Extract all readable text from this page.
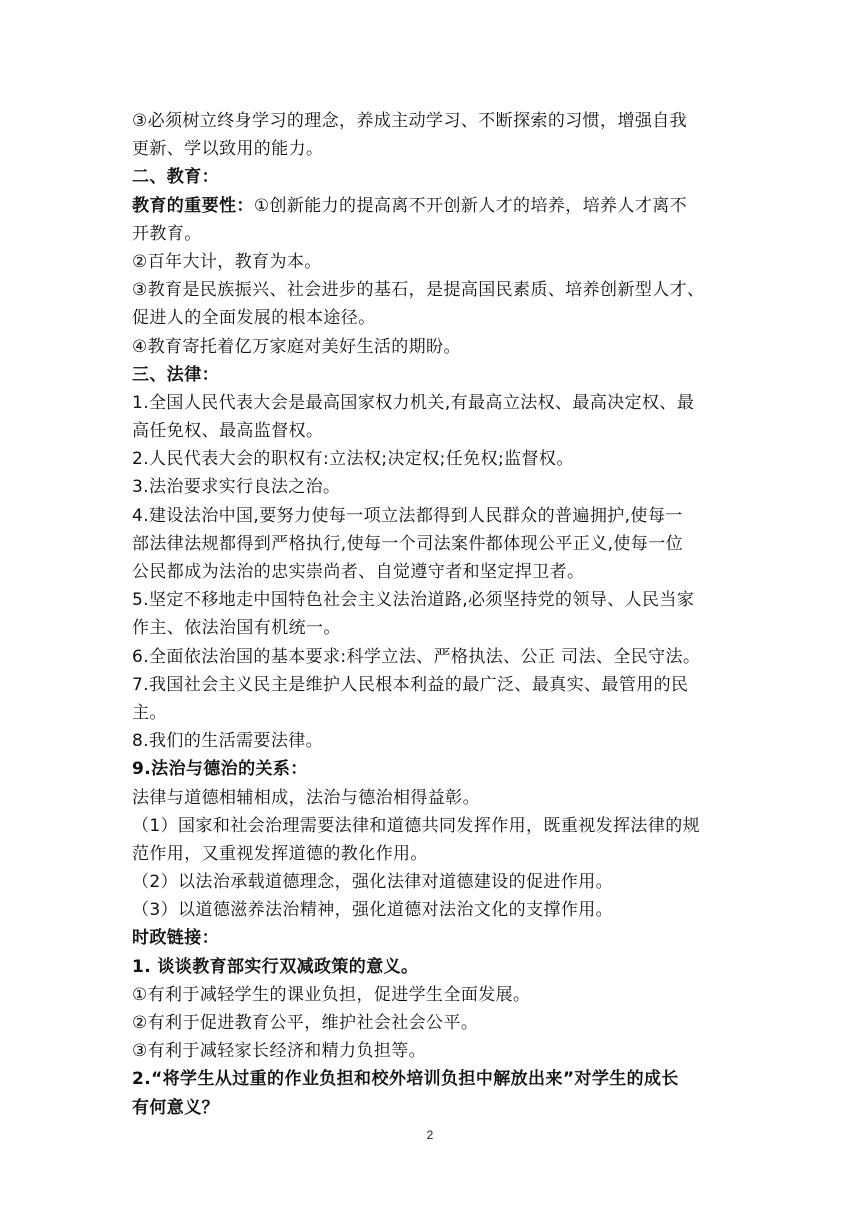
③必须树立终身学习的理念，养成主动学习、不断探索的习惯，增强自我
更新、学以致用的能力。
二、教育：
教育的重要性：①创新能力的提高离不开创新人才的培养，培养人才离不
开教育。
②百年大计，教育为本。
③教育是民族振兴、社会进步的基石，是提高国民素质、培养创新型人才、
促进人的全面发展的根本途径。
④教育寄托着亿万家庭对美好生活的期盼。
三、法律：
1.全国人民代表大会是最高国家权力机关,有最高立法权、最高决定权、最
高任免权、最高监督权。
2.人民代表大会的职权有:立法权;决定权;任免权;监督权。
3.法治要求实行良法之治。
4.建设法治中国,要努力使每一项立法都得到人民群众的普遍拥护,使每一
部法律法规都得到严格执行,使每一个司法案件都体现公平正义,使每一位
公民都成为法治的忠实崇尚者、自觉遵守者和坚定捍卫者。
5.坚定不移地走中国特色社会主义法治道路,必须坚持党的领导、人民当家
作主、依法治国有机统一。
6.全面依法治国的基本要求:科学立法、严格执法、公正 司法、全民守法。
7.我国社会主义民主是维护人民根本利益的最广泛、最真实、最管用的民
主。
8.我们的生活需要法律。
9.法治与德治的关系：
法律与道德相辅相成，法治与德治相得益彰。
（1）国家和社会治理需要法律和道德共同发挥作用，既重视发挥法律的规
范作用，又重视发挥道德的教化作用。
（2）以法治承载道德理念，强化法律对道德建设的促进作用。
（3）以道德滋养法治精神，强化道德对法治文化的支撑作用。
时政链接：
1. 谈谈教育部实行双减政策的意义。
①有利于减轻学生的课业负担，促进学生全面发展。
②有利于促进教育公平，维护社会社会公平。
③有利于减轻家长经济和精力负担等。
2.“将学生从过重的作业负担和校外培训负担中解放出来”对学生的成长
有何意义？
2
